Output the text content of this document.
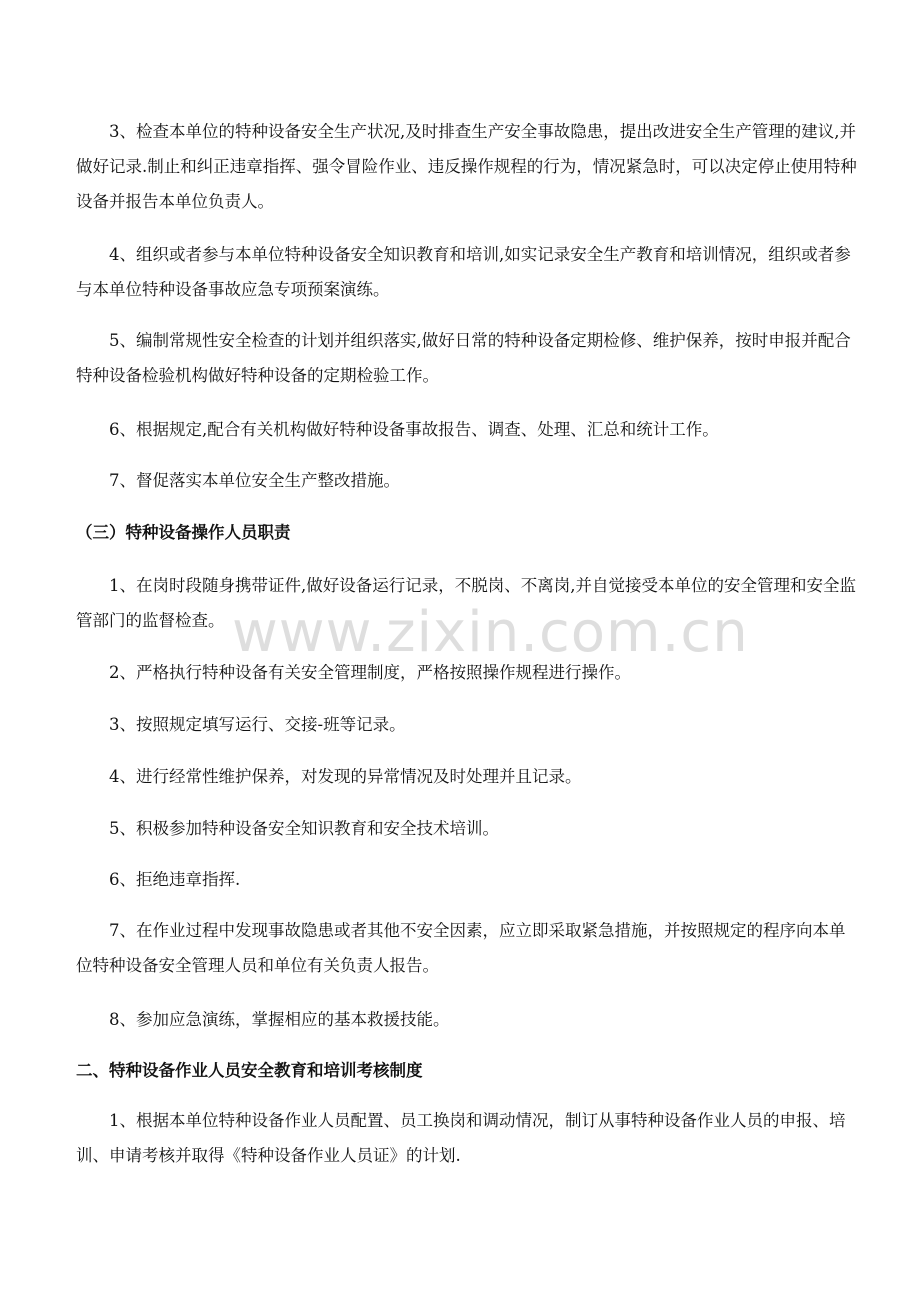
www.zixin.com.cn

3、检查本单位的特种设备安全生产状况,及时排查生产安全事故隐患，提出改进安全生产管理的建议,并做好记录.制止和纠正违章指挥、强令冒险作业、违反操作规程的行为，情况紧急时，可以决定停止使用特种设备并报告本单位负责人。

4、组织或者参与本单位特种设备安全知识教育和培训,如实记录安全生产教育和培训情况，组织或者参与本单位特种设备事故应急专项预案演练。

5、编制常规性安全检查的计划并组织落实,做好日常的特种设备定期检修、维护保养，按时申报并配合特种设备检验机构做好特种设备的定期检验工作。

6、根据规定,配合有关机构做好特种设备事故报告、调查、处理、汇总和统计工作。

7、督促落实本单位安全生产整改措施。

（三）特种设备操作人员职责

1、在岗时段随身携带证件,做好设备运行记录，不脱岗、不离岗,并自觉接受本单位的安全管理和安全监管部门的监督检查。

2、严格执行特种设备有关安全管理制度，严格按照操作规程进行操作。

3、按照规定填写运行、交接-班等记录。

4、进行经常性维护保养，对发现的异常情况及时处理并且记录。

5、积极参加特种设备安全知识教育和安全技术培训。

6、拒绝违章指挥.

7、在作业过程中发现事故隐患或者其他不安全因素，应立即采取紧急措施，并按照规定的程序向本单位特种设备安全管理人员和单位有关负责人报告。

8、参加应急演练，掌握相应的基本救援技能。

二、特种设备作业人员安全教育和培训考核制度

1、根据本单位特种设备作业人员配置、员工换岗和调动情况，制订从事特种设备作业人员的申报、培训、申请考核并取得《特种设备作业人员证》的计划.
